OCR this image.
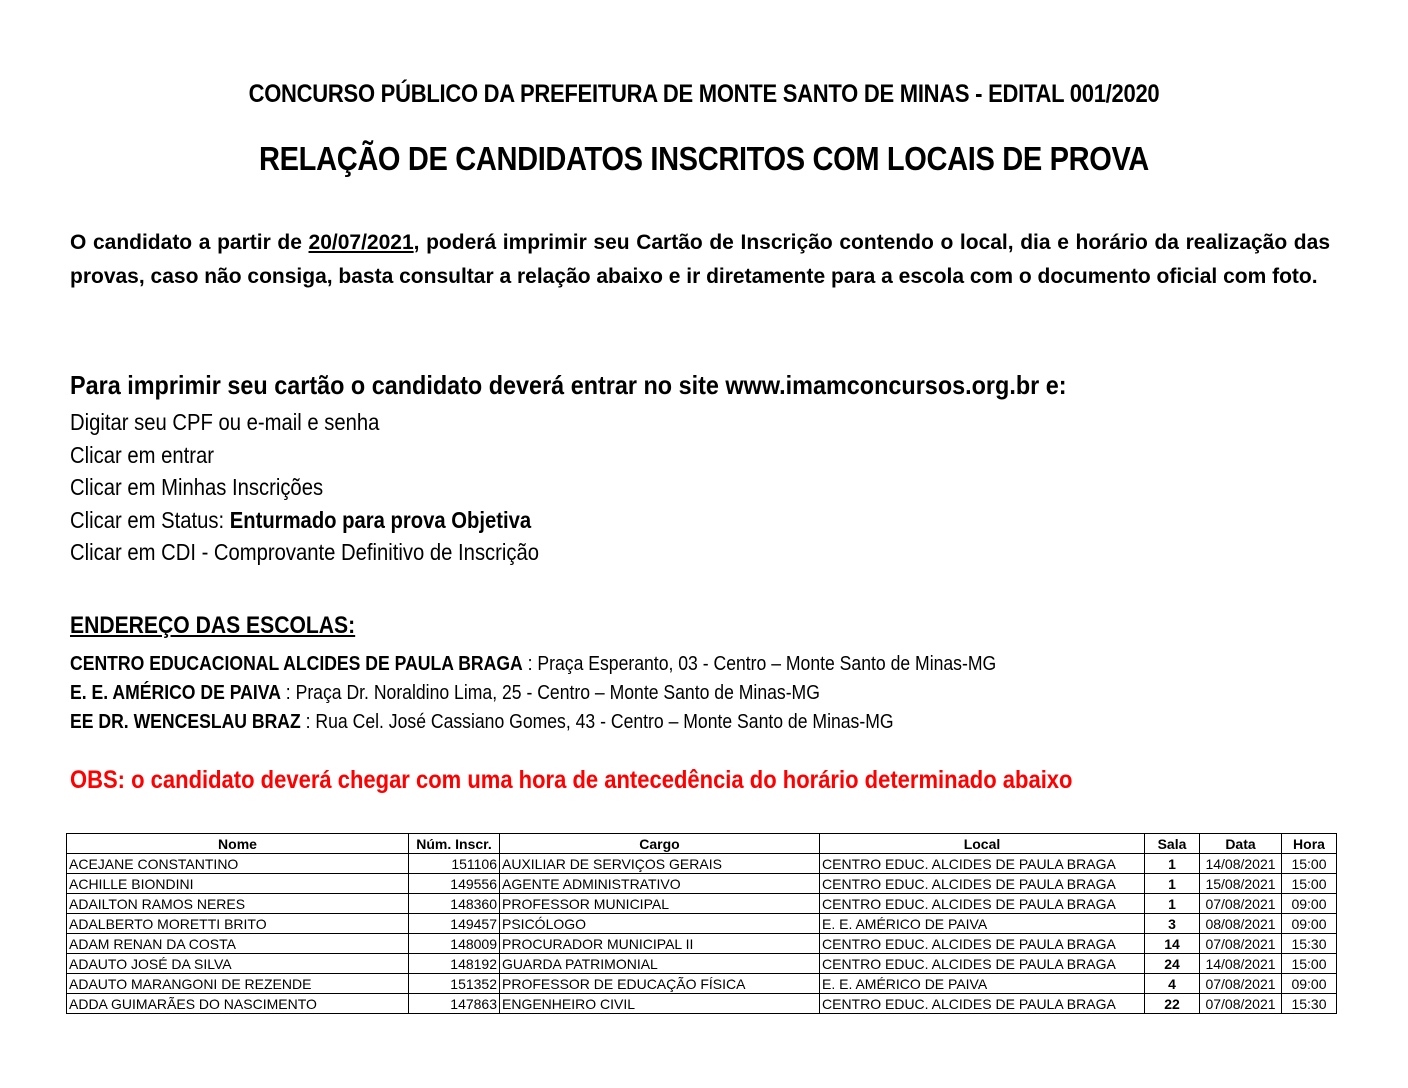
CONCURSO PÚBLICO DA PREFEITURA DE MONTE SANTO DE MINAS - EDITAL 001/2020
RELAÇÃO DE CANDIDATOS INSCRITOS COM LOCAIS DE PROVA
O candidato a partir de 20/07/2021, poderá imprimir seu Cartão de Inscrição contendo o local, dia e horário da realização das provas, caso não consiga, basta consultar a relação abaixo e ir diretamente para a escola com o documento oficial com foto.
Para imprimir seu cartão o candidato deverá entrar no site www.imamconcursos.org.br e:
Digitar seu CPF ou e-mail e senha
Clicar em entrar
Clicar em Minhas Inscrições
Clicar em Status: Enturmado para prova Objetiva
Clicar em CDI - Comprovante Definitivo de Inscrição
ENDEREÇO DAS ESCOLAS:
CENTRO EDUCACIONAL ALCIDES DE PAULA BRAGA : Praça Esperanto, 03 - Centro – Monte Santo de Minas-MG
E. E. AMÉRICO DE PAIVA : Praça Dr. Noraldino Lima, 25 - Centro – Monte Santo de Minas-MG
EE DR. WENCESLAU BRAZ : Rua Cel. José Cassiano Gomes, 43 - Centro – Monte Santo de Minas-MG
OBS: o candidato deverá chegar com uma hora de antecedência do horário determinado abaixo
Nome	Núm. Inscr.	Cargo	Local	Sala	Data	Hora
ACEJANE CONSTANTINO	151106	AUXILIAR DE SERVIÇOS GERAIS	CENTRO EDUC. ALCIDES DE PAULA BRAGA	1	14/08/2021	15:00
ACHILLE BIONDINI	149556	AGENTE ADMINISTRATIVO	CENTRO EDUC. ALCIDES DE PAULA BRAGA	1	15/08/2021	15:00
ADAILTON RAMOS NERES	148360	PROFESSOR MUNICIPAL	CENTRO EDUC. ALCIDES DE PAULA BRAGA	1	07/08/2021	09:00
ADALBERTO MORETTI BRITO	149457	PSICÓLOGO	E. E. AMÉRICO DE PAIVA	3	08/08/2021	09:00
ADAM RENAN DA COSTA	148009	PROCURADOR MUNICIPAL II	CENTRO EDUC. ALCIDES DE PAULA BRAGA	14	07/08/2021	15:30
ADAUTO JOSÉ DA SILVA	148192	GUARDA PATRIMONIAL	CENTRO EDUC. ALCIDES DE PAULA BRAGA	24	14/08/2021	15:00
ADAUTO MARANGONI DE REZENDE	151352	PROFESSOR DE EDUCAÇÃO FÍSICA	E. E. AMÉRICO DE PAIVA	4	07/08/2021	09:00
ADDA GUIMARÃES DO NASCIMENTO	147863	ENGENHEIRO CIVIL	CENTRO EDUC. ALCIDES DE PAULA BRAGA	22	07/08/2021	15:30
